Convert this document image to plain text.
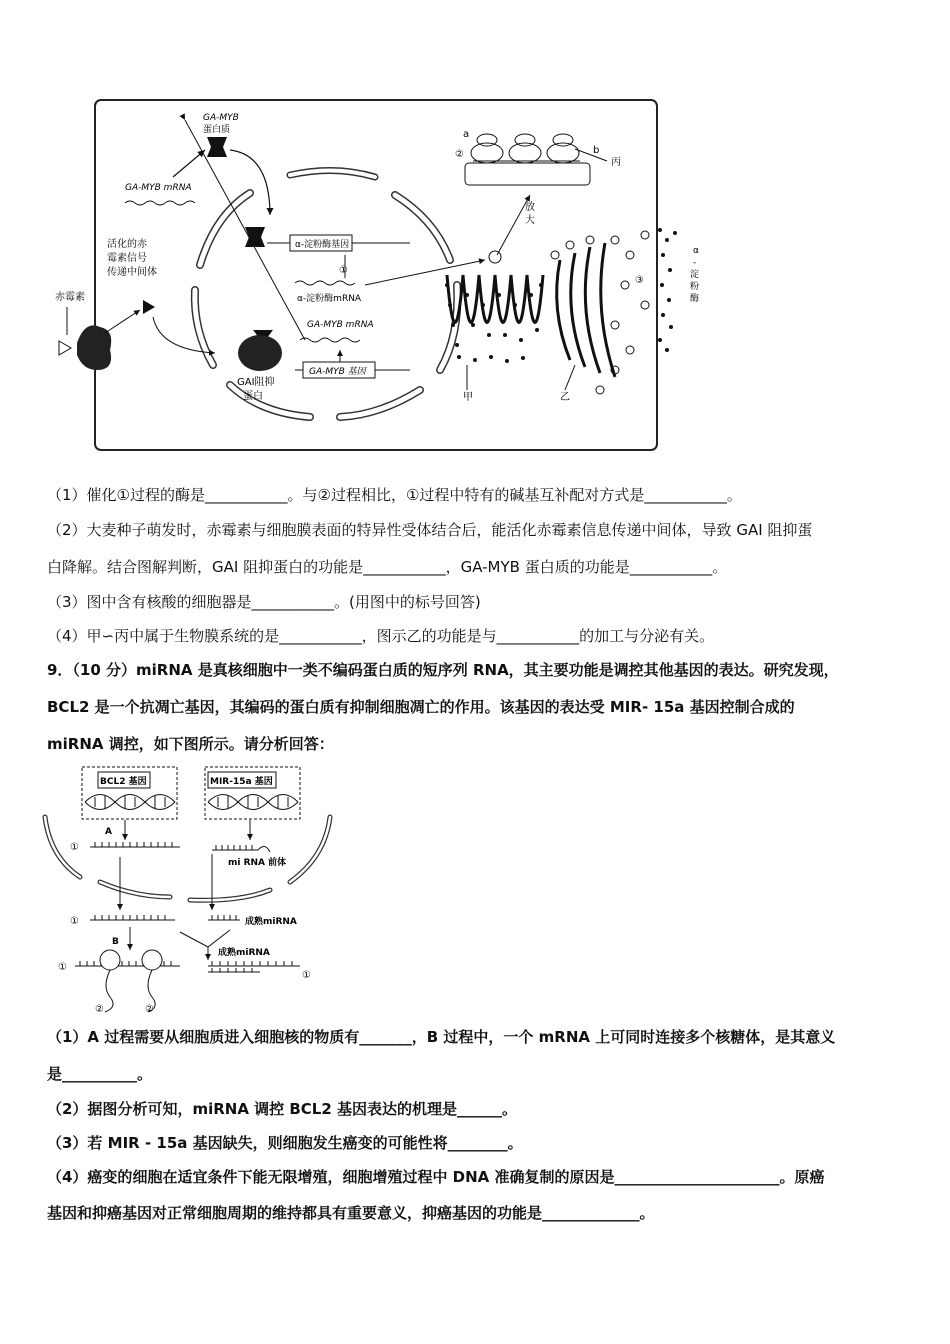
GA-MYB
蛋白质
GA-MYB mRNA
活化的赤
霉素信号
传递中间体
赤霉素
α-淀粉酶基因
①
α-淀粉酶mRNA
GA-MYB mRNA
GA-MYB 基因
GAI阻抑
蛋白
a
②	b
丙
放
大
甲	乙
③
α
-
淀
粉
酶
（1）催化①过程的酶是___________。与②过程相比，①过程中特有的碱基互补配对方式是___________。
（2）大麦种子萌发时，赤霉素与细胞膜表面的特异性受体结合后，能活化赤霉素信息传递中间体，导致 GAI 阻抑蛋
白降解。结合图解判断，GAI 阻抑蛋白的功能是___________，GA-MYB 蛋白质的功能是___________。
（3）图中含有核酸的细胞器是___________。(用图中的标号回答)
（4）甲∽丙中属于生物膜系统的是___________，图示乙的功能是与___________的加工与分泌有关。
9．（10 分）miRNA 是真核细胞中一类不编码蛋白质的短序列 RNA，其主要功能是调控其他基因的表达。研究发现，
BCL2 是一个抗凋亡基因，其编码的蛋白质有抑制细胞凋亡的作用。该基因的表达受 MIR- 15a 基因控制合成的
miRNA 调控，如下图所示。请分析回答：
BCL2 基因	MIR-15a 基因
A
①
mi RNA 前体
①	成熟miRNA
B
成熟miRNA
①
②	②
①
（1）A 过程需要从细胞质进入细胞核的物质有_______，B 过程中，一个 mRNA 上可同时连接多个核糖体，是其意义
是__________。
（2）据图分析可知，miRNA 调控 BCL2 基因表达的机理是______。
（3）若 MIR - 15a 基因缺失，则细胞发生癌变的可能性将________。
（4）癌变的细胞在适宜条件下能无限增殖，细胞增殖过程中 DNA 准确复制的原因是______________________。原癌
基因和抑癌基因对正常细胞周期的维持都具有重要意义，抑癌基因的功能是_____________。
